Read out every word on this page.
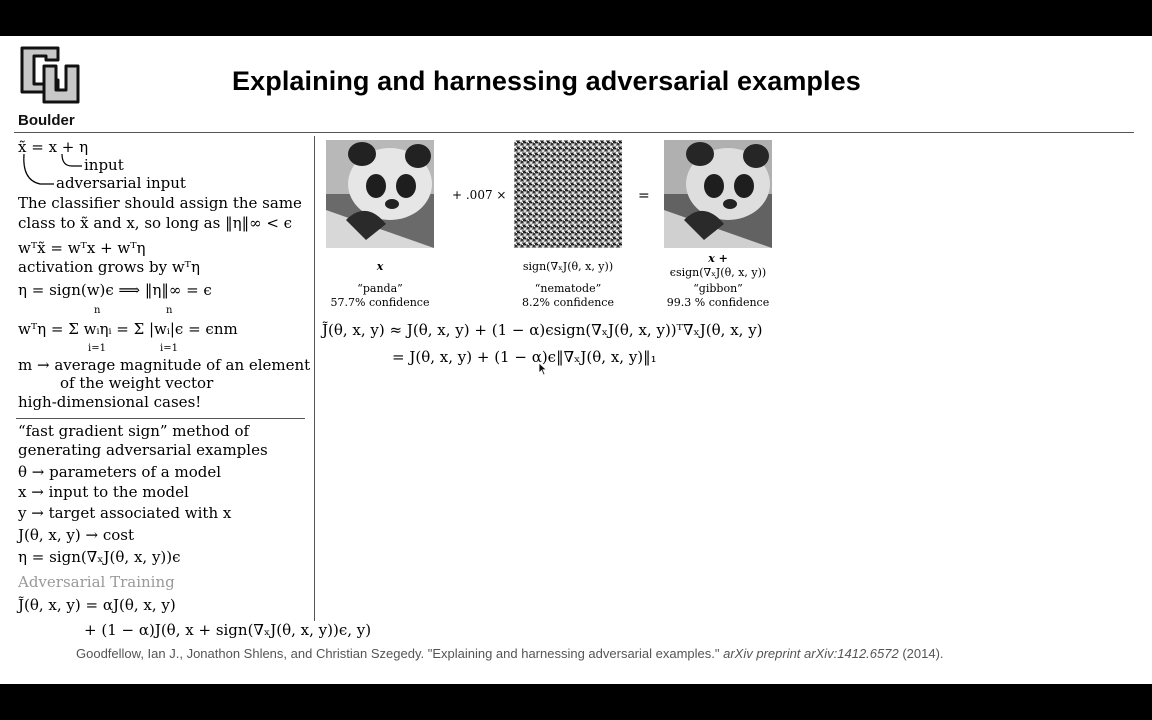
Boulder
Explaining and harnessing adversarial examples
x̃ = x + η
input
adversarial input
The classifier should assign the same
class to x̃ and x, so long as ‖η‖∞ < ϵ
wᵀx̃ = wᵀx + wᵀη
activation grows by wᵀη
η = sign(w)ϵ ⟹ ‖η‖∞ = ϵ
n	n
wᵀη = Σ wᵢηᵢ = Σ |wᵢ|ϵ = ϵnm
i=1	i=1
m → average magnitude of an element
of the weight vector
high-dimensional cases!
“fast gradient sign” method of
generating adversarial examples
θ → parameters of a model
x → input to the model
y → target associated with x
J(θ, x, y) → cost
η = sign(∇ₓJ(θ, x, y))ϵ
Adversarial Training
J̃(θ, x, y) = αJ(θ, x, y)
+ (1 − α)J(θ, x + sign(∇ₓJ(θ, x, y))ϵ, y)
+ .007 ×	=
x
“panda”
57.7% confidence
sign(∇ₓJ(θ, x, y))
“nematode”
8.2% confidence
x +
ϵsign(∇ₓJ(θ, x, y))
“gibbon”
99.3 % confidence
J̃(θ, x, y) ≈ J(θ, x, y) + (1 − α)ϵsign(∇ₓJ(θ, x, y))ᵀ∇ₓJ(θ, x, y)
= J(θ, x, y) + (1 − α)ϵ‖∇ₓJ(θ, x, y)‖₁
Goodfellow, Ian J., Jonathon Shlens, and Christian Szegedy. "Explaining and harnessing adversarial examples." arXiv preprint arXiv:1412.6572 (2014).
